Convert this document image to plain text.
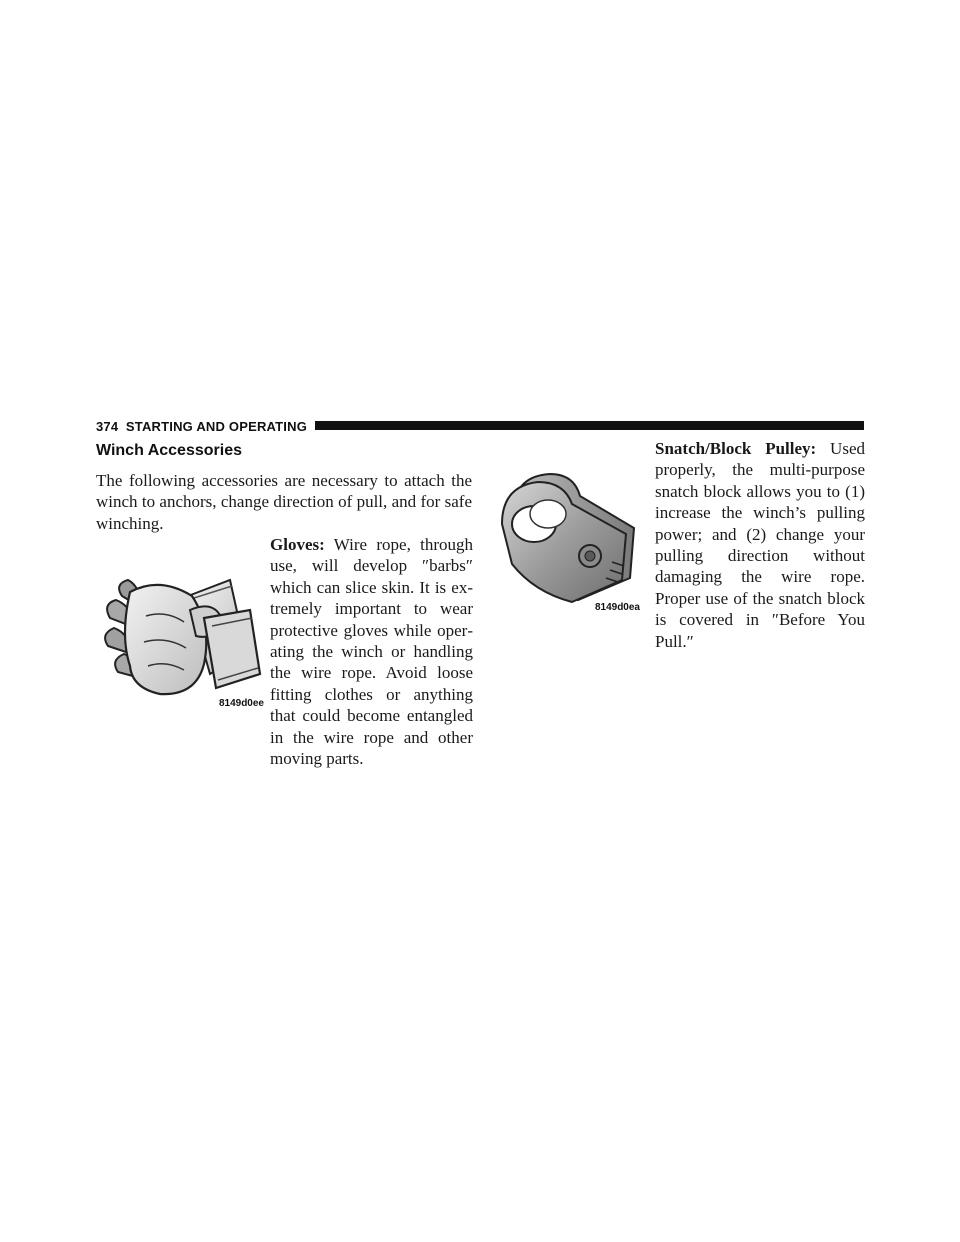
374 STARTING AND OPERATING
Winch Accessories

The following accessories are necessary to attach the winch to anchors, change direction of pull, and for safe winching.

8149d0ee

Gloves: Wire rope, through use, will develop ″barbs″ which can slice skin. It is extremely important to wear protective gloves while operating the winch or handling the wire rope. Avoid loose fitting clothes or anything that could become entangled in the wire rope and other moving parts.

8149d0ea

Snatch/Block Pulley: Used properly, the multi-purpose snatch block allows you to (1) increase the winch’s pulling power; and (2) change your pulling direction without damaging the wire rope. Proper use of the snatch block is covered in ″Before You Pull.″
